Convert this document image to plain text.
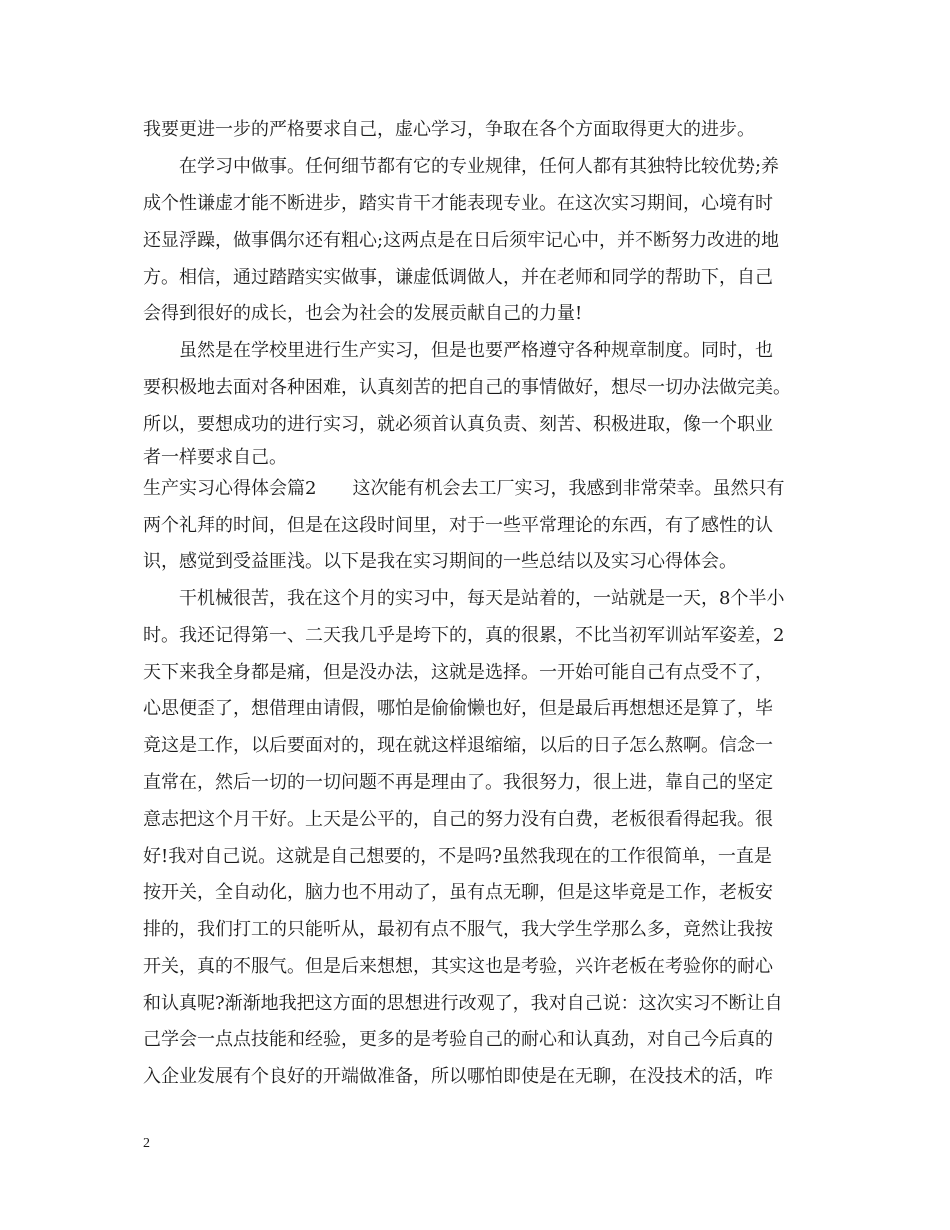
我要更进一步的严格要求自己，虚心学习，争取在各个方面取得更大的进步。
在学习中做事。任何细节都有它的专业规律，任何人都有其独特比较优势;养
成个性谦虚才能不断进步，踏实肯干才能表现专业。在这次实习期间，心境有时
还显浮躁，做事偶尔还有粗心;这两点是在日后须牢记心中，并不断努力改进的地
方。相信，通过踏踏实实做事，谦虚低调做人，并在老师和同学的帮助下，自己
会得到很好的成长，也会为社会的发展贡献自己的力量!
虽然是在学校里进行生产实习，但是也要严格遵守各种规章制度。同时，也
要积极地去面对各种困难，认真刻苦的把自己的事情做好，想尽一切办法做完美。
所以，要想成功的进行实习，就必须首认真负责、刻苦、积极进取，像一个职业
者一样要求自己。
生产实习心得体会篇2　　这次能有机会去工厂实习，我感到非常荣幸。虽然只有
两个礼拜的时间，但是在这段时间里，对于一些平常理论的东西，有了感性的认
识，感觉到受益匪浅。以下是我在实习期间的一些总结以及实习心得体会。
干机械很苦，我在这个月的实习中，每天是站着的，一站就是一天，8个半小
时。我还记得第一、二天我几乎是垮下的，真的很累，不比当初军训站军姿差，2
天下来我全身都是痛，但是没办法，这就是选择。一开始可能自己有点受不了，
心思便歪了，想借理由请假，哪怕是偷偷懒也好，但是最后再想想还是算了，毕
竟这是工作，以后要面对的，现在就这样退缩缩，以后的日子怎么熬啊。信念一
直常在，然后一切的一切问题不再是理由了。我很努力，很上进，靠自己的坚定
意志把这个月干好。上天是公平的，自己的努力没有白费，老板很看得起我。很
好!我对自己说。这就是自己想要的，不是吗?虽然我现在的工作很简单，一直是
按开关，全自动化，脑力也不用动了，虽有点无聊，但是这毕竟是工作，老板安
排的，我们打工的只能听从，最初有点不服气，我大学生学那么多，竟然让我按
开关，真的不服气。但是后来想想，其实这也是考验，兴许老板在考验你的耐心
和认真呢?渐渐地我把这方面的思想进行改观了，我对自己说：这次实习不断让自
己学会一点点技能和经验，更多的是考验自己的耐心和认真劲，对自己今后真的
入企业发展有个良好的开端做准备，所以哪怕即使是在无聊，在没技术的活，咋
2
